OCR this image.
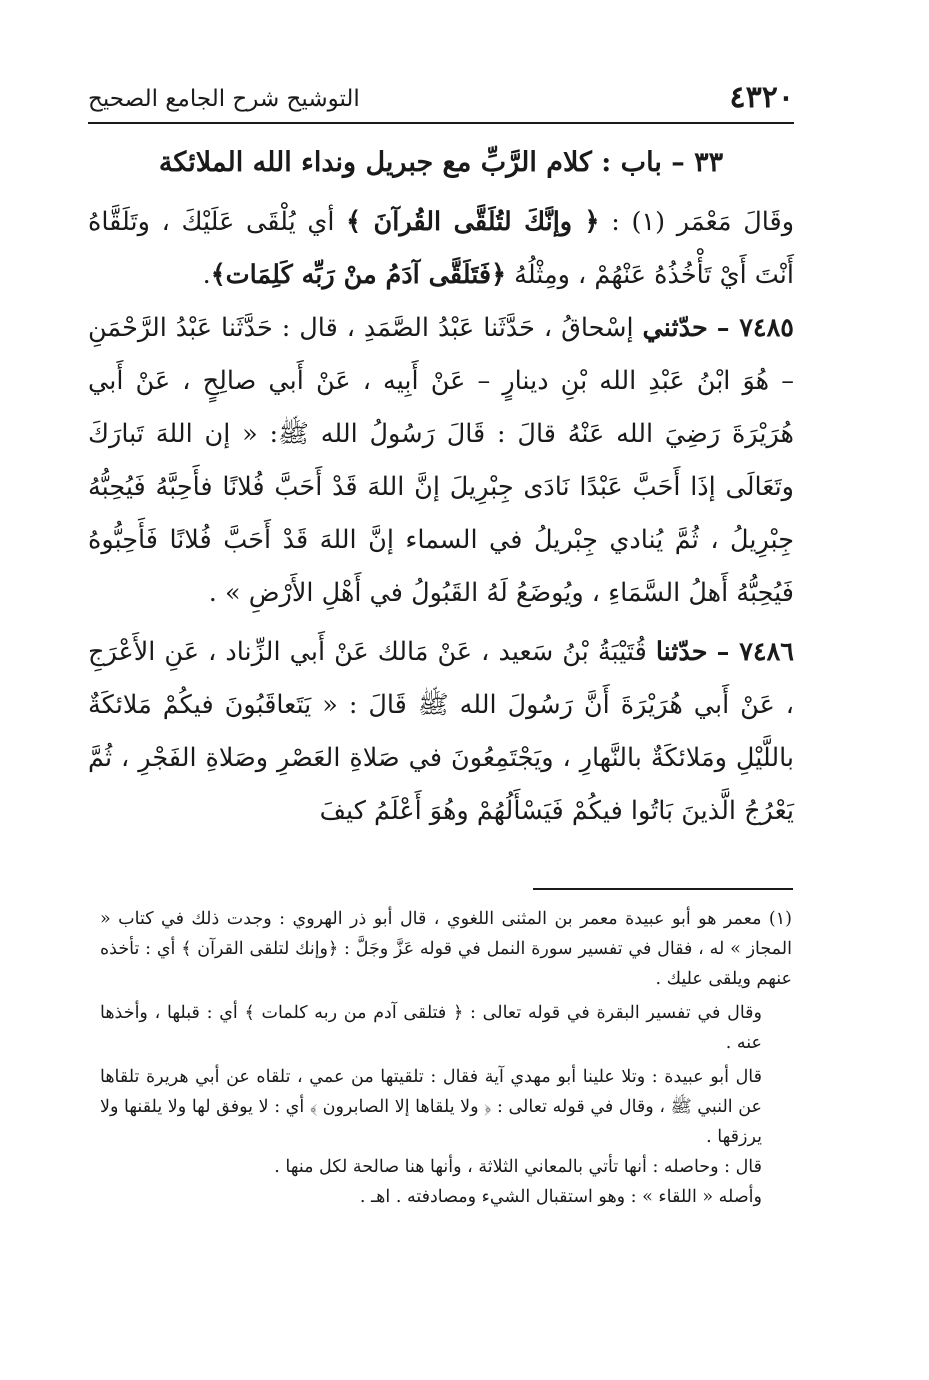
٤٣٢٠
التوشيح شرح الجامع الصحيح
٣٣ – باب : كلام الرَّبِّ مع جبريل ونداء الله الملائكة

وقَالَ مَعْمَر (١) : ﴿ وإنَّكَ لتُلَقَّى القُرآنَ ﴾ أي يُلْقَى عَلَيْكَ ، وتَلَقَّاهُ أَنْتَ أَيْ تَأْخُذُهُ عَنْهُمْ ، ومِثْلُهُ ﴿فَتَلَقَّى آدَمُ منْ رَبِّه كَلِمَات﴾.

٧٤٨٥ – حدّثني إسْحاقُ ، حَدَّثَنا عَبْدُ الصَّمَدِ ، قال : حَدَّثَنا عَبْدُ الرَّحْمَنِ – هُوَ ابْنُ عَبْدِ الله بْنِ دينارٍ – عَنْ أَبِيه ، عَنْ أَبي صالِحٍ ، عَنْ أَبي هُرَيْرَةَ رَضِيَ الله عَنْهُ قالَ : قَالَ رَسُولُ الله ﷺ: « إن اللهَ تَبارَكَ وتَعَالَى إذَا أَحَبَّ عَبْدًا نَادَى جِبْرِيلَ إنَّ اللهَ قَدْ أَحَبَّ فُلانًا فأَحِبَّهُ فَيُحِبُّهُ جِبْرِيلُ ، ثُمَّ يُنادي جِبْريلُ في السماء إنَّ اللهَ قَدْ أَحَبَّ فُلانًا فَأَحِبُّوهُ فَيُحِبُّهُ أَهلُ السَّمَاءِ ، ويُوضَعُ لَهُ القَبُولُ في أَهْلِ الأَرْضِ » .

٧٤٨٦ – حدّثنا قُتَيْبَةُ بْنُ سَعيد ، عَنْ مَالك عَنْ أَبي الزِّناد ، عَنِ الأَعْرَجِ ، عَنْ أَبي هُرَيْرَةَ أَنَّ رَسُولَ الله ﷺ قَالَ : « يَتَعاقَبُونَ فيكُمْ مَلائكَةٌ باللَّيْلِ ومَلائكَةٌ بالنَّهارِ ، ويَجْتَمِعُونَ في صَلاةِ العَصْرِ وصَلاةِ الفَجْرِ ، ثُمَّ يَعْرُجُ الَّذينَ بَاتُوا فيكُمْ فَيَسْأَلُهُمْ وهُوَ أَعْلَمُ كيفَ

(١) معمر هو أبو عبيدة معمر بن المثنى اللغوي ، قال أبو ذر الهروي : وجدت ذلك في كتاب « المجاز » له ، فقال في تفسير سورة النمل في قوله عَزَّ وجَلَّ : ﴿وإنك لتلقى القرآن ﴾ أي : تأخذه عنهم ويلقى عليك .

وقال في تفسير البقرة في قوله تعالى : ﴿ فتلقى آدم من ربه كلمات ﴾ أي : قبلها ، وأخذها عنه .

قال أبو عبيدة : وتلا علينا أبو مهدي آية فقال : تلقيتها من عمي ، تلقاه عن أبي هريرة تلقاها عن النبي ﷺ ، وقال في قوله تعالى : ﴿ ولا يلقاها إلا الصابرون ﴾ أي : لا يوفق لها ولا يلقنها ولا يرزقها .

قال : وحاصله : أنها تأتي بالمعاني الثلاثة ، وأنها هنا صالحة لكل منها .

وأصله « اللقاء » : وهو استقبال الشيء ومصادفته . اهـ .
